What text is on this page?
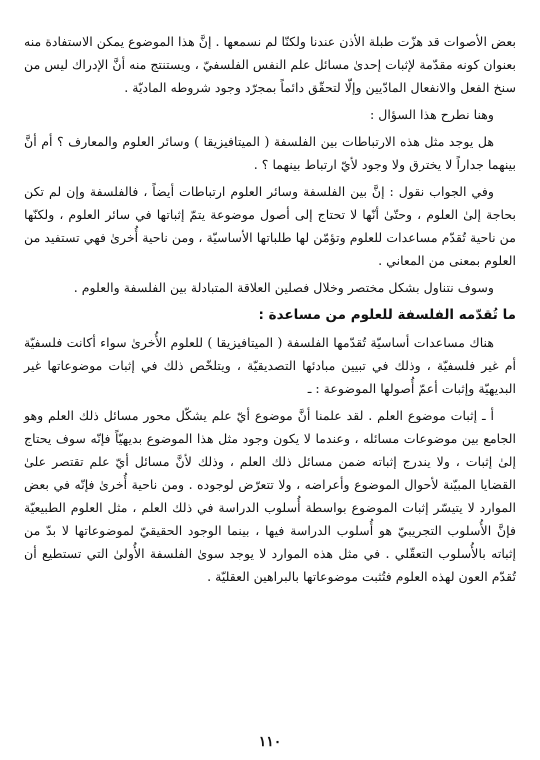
بعض الأصوات قد هزّت طبلة الأذن عندنا ولكنّا لم نسمعها . إنَّ هذا الموضوع يمكن الاستفادة منه بعنوان كونه مقدّمة لإثبات إحدىٰ مسائل علم النفس الفلسفيّ ، ويستنتج منه أنَّ الإدراك ليس من سنخ الفعل والانفعال المادّيين وإلّا لتحقّق دائماً بمجرّد وجود شروطه الماديّة .

وهنا نطرح هذا السؤال :

هل يوجد مثل هذه الارتباطات بين الفلسفة ( الميتافيزيقا ) وسائر العلوم والمعارف ؟ أم أنَّ بينهما جداراً لا يخترق ولا وجود لأيّ ارتباط بينهما ؟ .

وفي الجواب نقول : إنَّ بين الفلسفة وسائر العلوم ارتباطات أيضاً ، فالفلسفة وإن لم تكن بحاجة إلىٰ العلوم ، وحتّىٰ أنّها لا تحتاج إلى أصول موضوعة يتمّ إثباتها في سائر العلوم ، ولكنّها من ناحية تُقدّم مساعدات للعلوم وتؤمّن لها طلباتها الأساسيّة ، ومن ناحية أُخرىٰ فهي تستفيد من العلوم بمعنى من المعاني .

وسوف نتناول بشكل مختصر وخلال فصلين العلاقة المتبادلة بين الفلسفة والعلوم .

ما تُقدّمه الفلسفة للعلوم من مساعدة :

هناك مساعدات أساسيّة تُقدّمها الفلسفة ( الميتافيزيقا ) للعلوم الأُخرىٰ سواء أكانت فلسفيّة أم غير فلسفيّة ، وذلك في تبيين مبادئها التصديقيّة ، ويتلخّص ذلك في إثبات موضوعاتها غير البديهيّة وإثبات أعمّ أُصولها الموضوعة : ـ

أ ـ إثبات موضوع العلم . لقد علمنا أنَّ موضوع أيّ علم يشكّل محور مسائل ذلك العلم وهو الجامع بين موضوعات مسائله ، وعندما لا يكون وجود مثل هذا الموضوع بديهيّاً فإنّه سوف يحتاج إلىٰ إثبات ، ولا يندرج إثباته ضمن مسائل ذلك العلم ، وذلك لأنَّ مسائل أيّ علم تقتصر علىٰ القضايا المبيّنة لأحوال الموضوع وأعراضه ، ولا تتعرّض لوجوده . ومن ناحية أُخرىٰ فإنّه في بعض الموارد لا يتيسّر إثبات الموضوع بواسطة أُسلوب الدراسة في ذلك العلم ، مثل العلوم الطبيعيّة فإنَّ الأُسلوب التجريبيّ هو أُسلوب الدراسة فيها ، بينما الوجود الحقيقيّ لموضوعاتها لا بدّ من إثباته بالأُسلوب التعقّلي . في مثل هذه الموارد لا يوجد سوىٰ الفلسفة الأُولىٰ التي تستطيع أن تُقدّم العون لهذه العلوم فتُثبت موضوعاتها بالبراهين العقليّة .

١١٠
